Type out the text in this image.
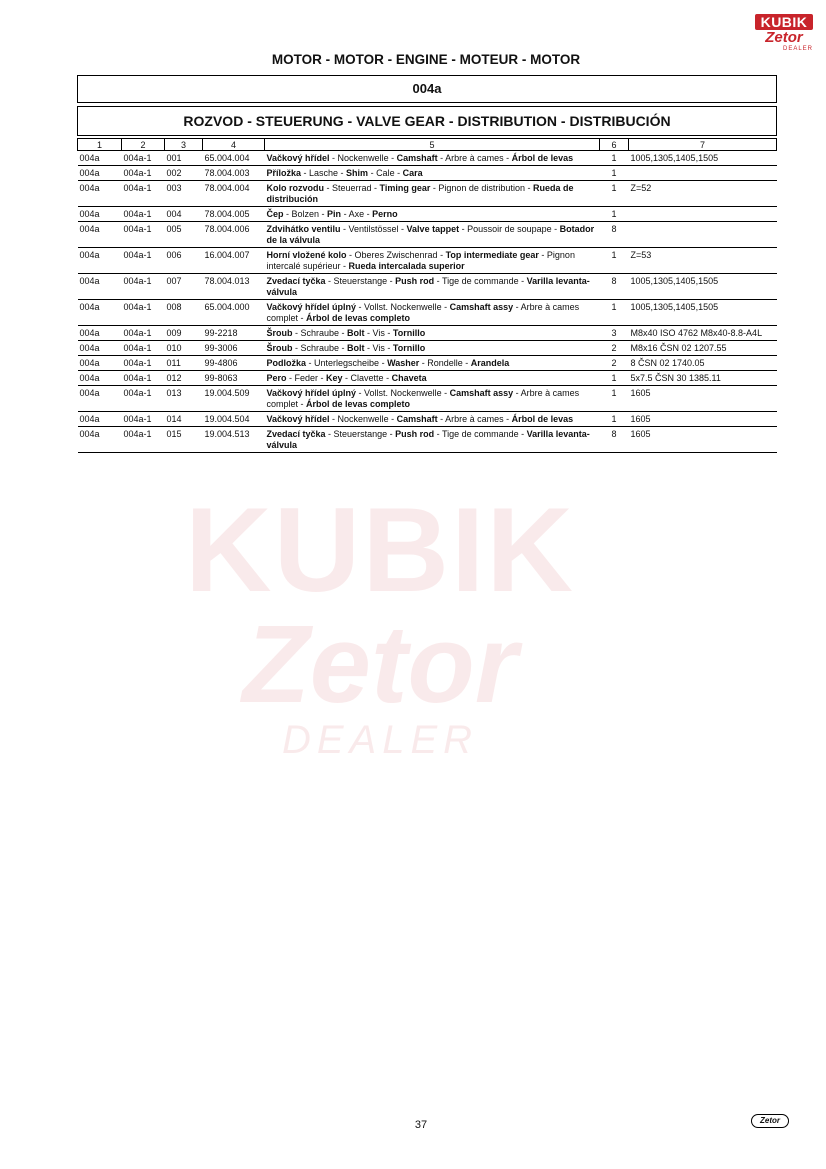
KUBIK
Zetor
DEALER
MOTOR - MOTOR - ENGINE - MOTEUR - MOTOR
004a
ROZVOD - STEUERUNG - VALVE GEAR - DISTRIBUTION - DISTRIBUCIÓN
KUBIK
Zetor
DEALER
1	2	3	4	5	6	7
004a	004a-1	001	65.004.004	Vačkový hřídel - Nockenwelle - Camshaft - Arbre à cames - Árbol de levas	1	1005,1305,1405,1505
004a	004a-1	002	78.004.003	Příložka - Lasche - Shim - Cale - Cara	1	
004a	004a-1	003	78.004.004	Kolo rozvodu - Steuerrad - Timing gear - Pignon de distribution - Rueda de distribución	1	Z=52
004a	004a-1	004	78.004.005	Čep - Bolzen - Pin - Axe - Perno	1	
004a	004a-1	005	78.004.006	Zdvihátko ventilu - Ventilstössel - Valve tappet - Poussoir de soupape - Botador de la válvula	8	
004a	004a-1	006	16.004.007	Horní vložené kolo - Oberes Zwischenrad - Top intermediate gear - Pignon intercalé supérieur - Rueda intercalada superior	1	Z=53
004a	004a-1	007	78.004.013	Zvedací tyčka - Steuerstange - Push rod - Tige de commande - Varilla levanta-válvula	8	1005,1305,1405,1505
004a	004a-1	008	65.004.000	Vačkový hřídel úplný - Vollst. Nockenwelle - Camshaft assy - Arbre à cames complet - Árbol de levas completo	1	1005,1305,1405,1505
004a	004a-1	009	99-2218	Šroub - Schraube - Bolt - Vis - Tornillo	3	M8x40 ISO 4762 M8x40-8.8-A4L
004a	004a-1	010	99-3006	Šroub - Schraube - Bolt - Vis - Tornillo	2	M8x16 ČSN 02 1207.55
004a	004a-1	011	99-4806	Podložka - Unterlegscheibe - Washer - Rondelle - Arandela	2	8 ČSN 02 1740.05
004a	004a-1	012	99-8063	Pero - Feder - Key - Clavette - Chaveta	1	5x7.5 ČSN 30 1385.11
004a	004a-1	013	19.004.509	Vačkový hřídel úplný - Vollst. Nockenwelle - Camshaft assy - Arbre à cames complet - Árbol de levas completo	1	1605
004a	004a-1	014	19.004.504	Vačkový hřídel - Nockenwelle - Camshaft - Arbre à cames - Árbol de levas	1	1605
004a	004a-1	015	19.004.513	Zvedací tyčka - Steuerstange - Push rod - Tige de commande - Varilla levanta-válvula	8	1605
37	Zetor
